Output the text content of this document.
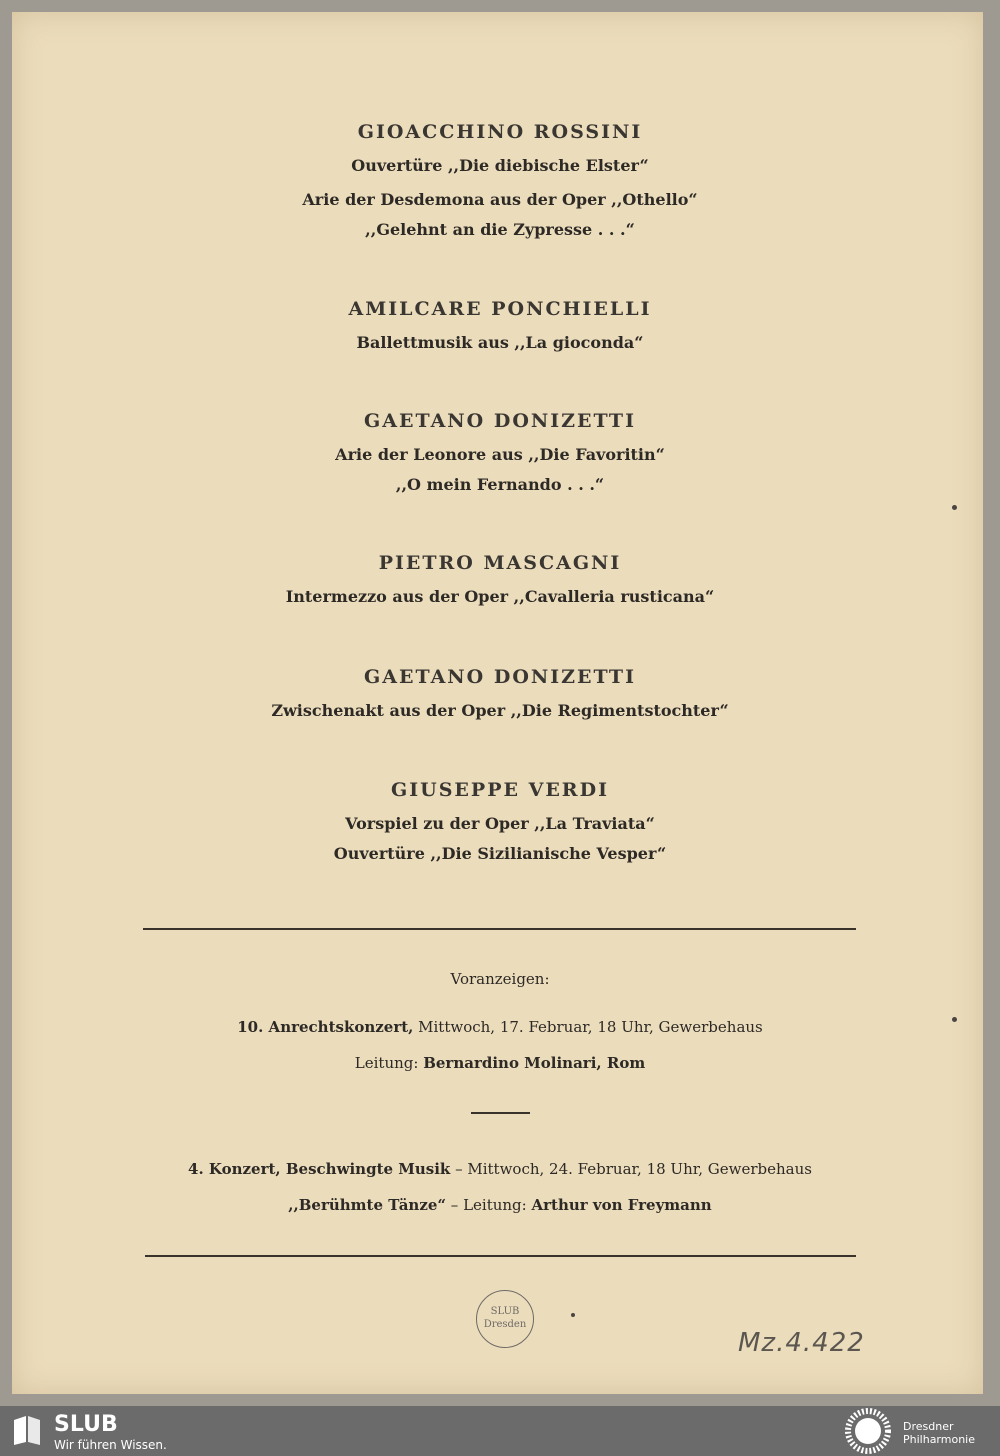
GIOACCHINO ROSSINI

Ouvertüre ,,Die diebische Elster“

Arie der Desdemona aus der Oper ,,Othello“

,,Gelehnt an die Zypresse . . .“

AMILCARE PONCHIELLI

Ballettmusik aus ,,La gioconda“

GAETANO DONIZETTI

Arie der Leonore aus ,,Die Favoritin“

,,O mein Fernando . . .“

PIETRO MASCAGNI

Intermezzo aus der Oper ,,Cavalleria rusticana“

GAETANO DONIZETTI

Zwischenakt aus der Oper ,,Die Regimentstochter“

GIUSEPPE VERDI

Vorspiel zu der Oper ,,La Traviata“

Ouvertüre ,,Die Sizilianische Vesper“

Voranzeigen:
10. Anrechtskonzert, Mittwoch, 17. Februar, 18 Uhr, Gewerbehaus
Leitung: Bernardino Molinari, Rom
4. Konzert, Beschwingte Musik – Mittwoch, 24. Februar, 18 Uhr, Gewerbehaus
,,Berühmte Tänze“ – Leitung: Arthur von Freymann
SLUB
Dresden
Mz.4.422
SLUB
Wir führen Wissen.
Dresdner
Philharmonie
